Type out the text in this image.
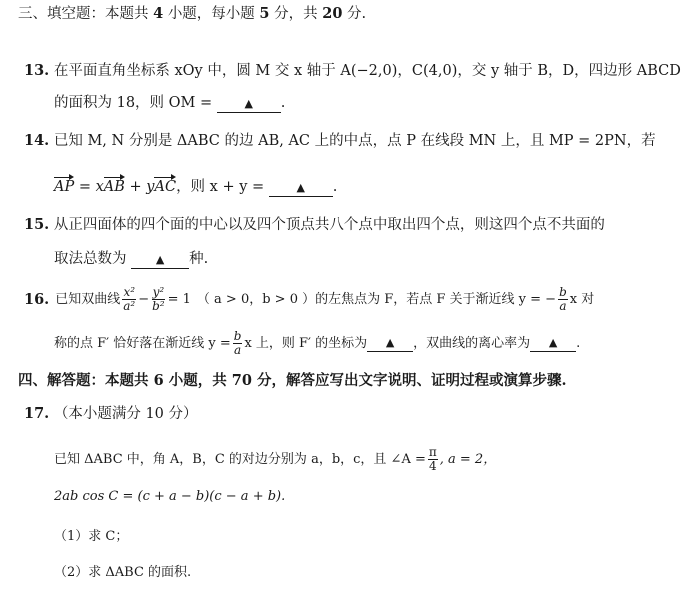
三、填空题：本题共 4 小题，每小题 5 分，共 20 分.
13. 在平面直角坐标系 xOy 中，圆 M 交 x 轴于 A(−2,0)，C(4,0)，交 y 轴于 B，D，四边形 ABCD
的面积为 18，则 OM =	▲ .
14. 已知 M, N 分别是 ΔABC 的边 AB, AC 上的中点，点 P 在线段 MN 上，且 MP = 2PN，若
AP = xAB + yAC，则 x + y =	▲ .
15. 从正四面体的四个面的中心以及四个顶点共八个点中取出四个点，则这四个点不共面的
取法总数为	▲ 种.
16. 已知双曲线 $\frac{\text{x²}}{\text{a²}} - \frac{\text{y²}}{\text{b²}} = 1$ （ a > 0，b > 0 ）的左焦点为 F，若点 F 关于渐近线 y = − $\frac{b}{a}$ x 对
称的点 F′ 恰好落在渐近线 $y = \frac{b}{a}$ x 上，则 F′ 的坐标为	▲	，双曲线的离心率为	▲	.
四、解答题：本题共 6 小题，共 70 分，解答应写出文字说明、证明过程或演算步骤.
17. （本小题满分 10 分）
已知 ΔABC 中，角 A，B，C 的对边分别为 a，b，c，且 ∠A = $\frac{\pi}{4}$ , a = 2，
2ab cos C = (c + a − b)(c − a + b).
（1）求 C；
（2）求 ΔABC 的面积.
